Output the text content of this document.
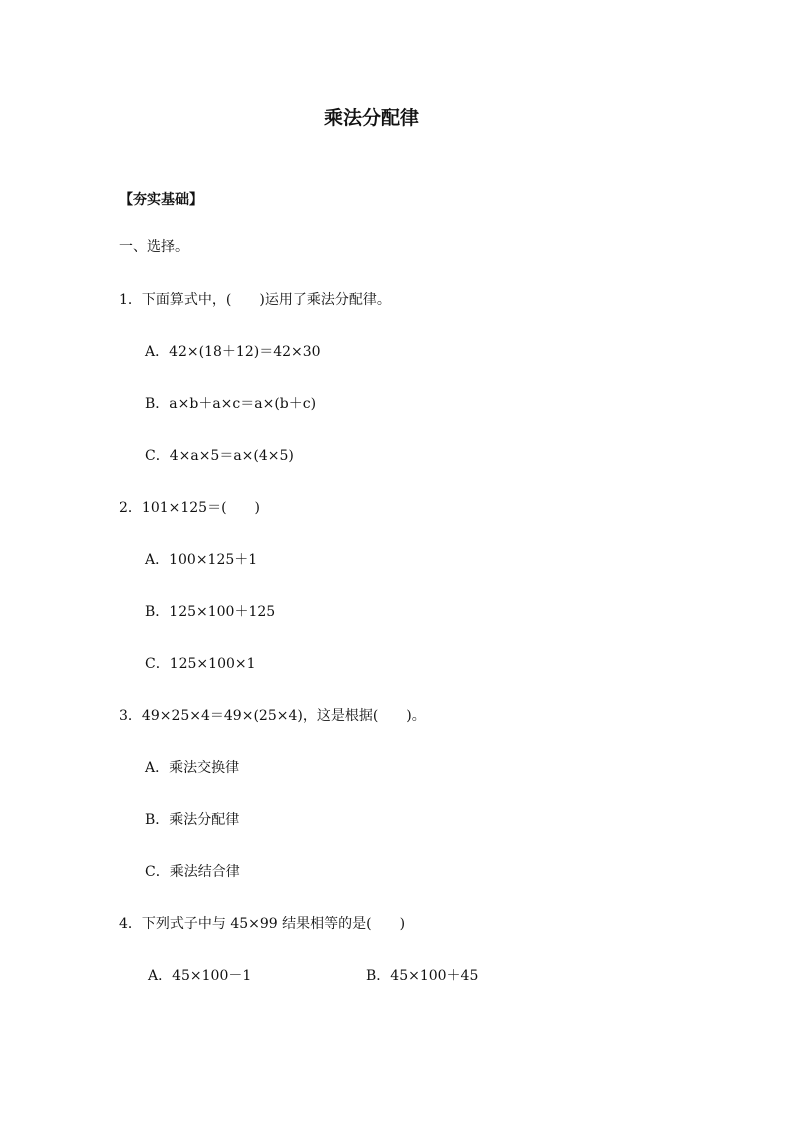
乘法分配律
【夯实基础】
一、选择。
1．下面算式中，(　　)运用了乘法分配律。
A．42×(18＋12)＝42×30
B．a×b＋a×c＝a×(b＋c)
C．4×a×5＝a×(4×5)
2．101×125＝(　　)
A．100×125＋1
B．125×100＋125
C．125×100×1
3．49×25×4＝49×(25×4)，这是根据(　　)。
A．乘法交换律
B．乘法分配律
C．乘法结合律
4．下列式子中与 45×99 结果相等的是(　　)
A．45×100－1	B．45×100＋45
